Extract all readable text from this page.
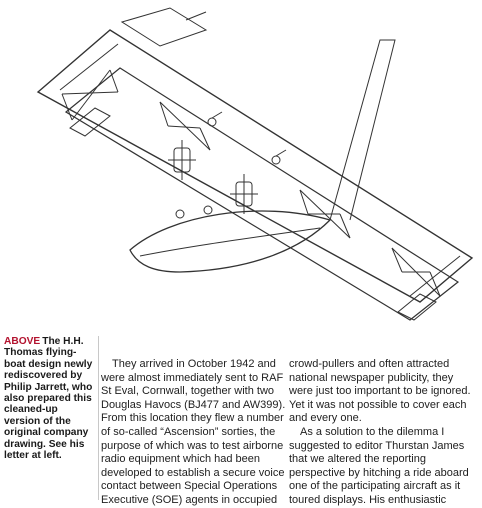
ABOVE The H.H. Thomas flying-boat design newly rediscovered by Philip Jarrett, who also prepared this cleaned-up version of the original company drawing. See his letter at left.

They arrived in October 1942 and
were almost immediately sent to RAF
St Eval, Cornwall, together with two
Douglas Havocs (BJ477 and AW399).
From this location they flew a number
of so-called “Ascension” sorties, the
purpose of which was to test airborne
radio equipment which had been
developed to establish a secure voice
contact between Special Operations
Executive (SOE) agents in occupied
crowd-pullers and often attracted
national newspaper publicity, they
were just too important to be ignored.
Yet it was not possible to cover each
and every one.
As a solution to the dilemma I
suggested to editor Thurstan James
that we altered the reporting
perspective by hitching a ride aboard
one of the participating aircraft as it
toured displays. His enthusiastic
